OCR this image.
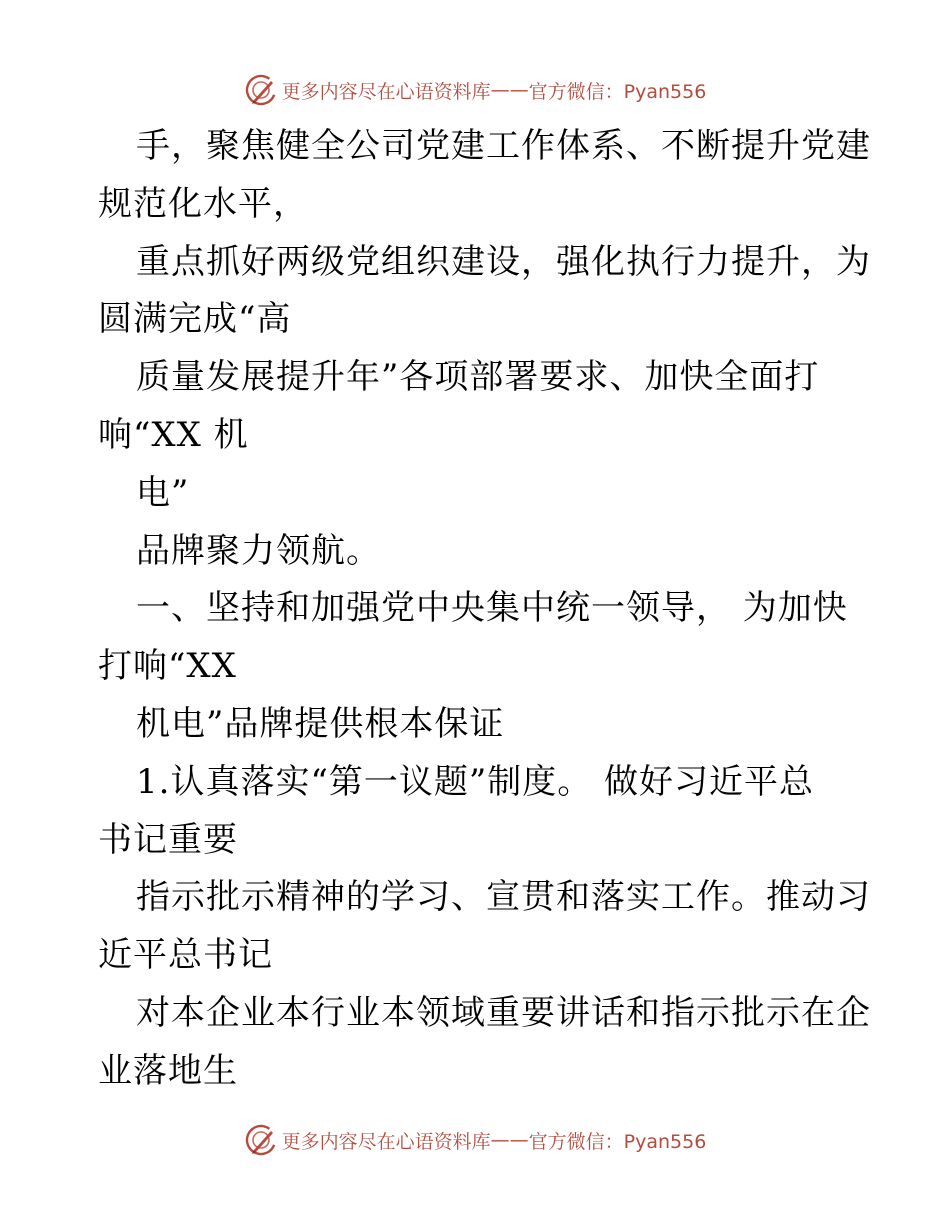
更多内容尽在心语资料库 —— 官方微信：Pyan556
手，聚焦健全公司党建工作体系、不断提升党建
规范化水平，
重点抓好两级党组织建设，强化执行力提升，为
圆满完成“高
质量发展提升年”各项部署要求、加快全面打
响“XX 机
电”
品牌聚力领航。
一、坚持和加强党中央集中统一领导， 为加快
打响“XX
机电”品牌提供根本保证
1.认真落实“第一议题”制度。 做好习近平总
书记重要
指示批示精神的学习、宣贯和落实工作。推动习
近平总书记
对本企业本行业本领域重要讲话和指示批示在企
业落地生
更多内容尽在心语资料库 —— 官方微信：Pyan556
